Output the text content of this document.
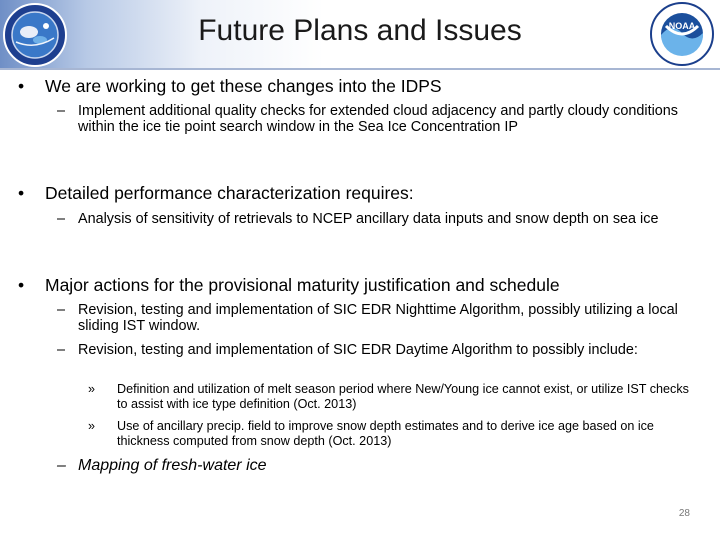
NOAA
Future Plans and Issues
• We are working to get these changes into the IDPS
– Implement additional quality checks for extended cloud adjacency and partly cloudy conditions within the ice tie point search window in the Sea Ice Concentration IP
• Detailed performance characterization requires:
– Analysis of sensitivity of retrievals to NCEP ancillary data inputs and snow depth on sea ice
• Major actions for the provisional maturity justification and schedule
– Revision, testing and implementation of SIC EDR Nighttime Algorithm, possibly utilizing a local sliding IST window.
– Revision, testing and implementation of SIC EDR Daytime Algorithm to possibly include:
» Definition and utilization of melt season period where New/Young ice cannot exist, or utilize IST checks to assist with ice type definition (Oct. 2013)
» Use of ancillary precip. field to improve snow depth estimates and to derive ice age based on ice thickness computed from snow depth (Oct. 2013)
– Mapping of fresh-water ice
28
